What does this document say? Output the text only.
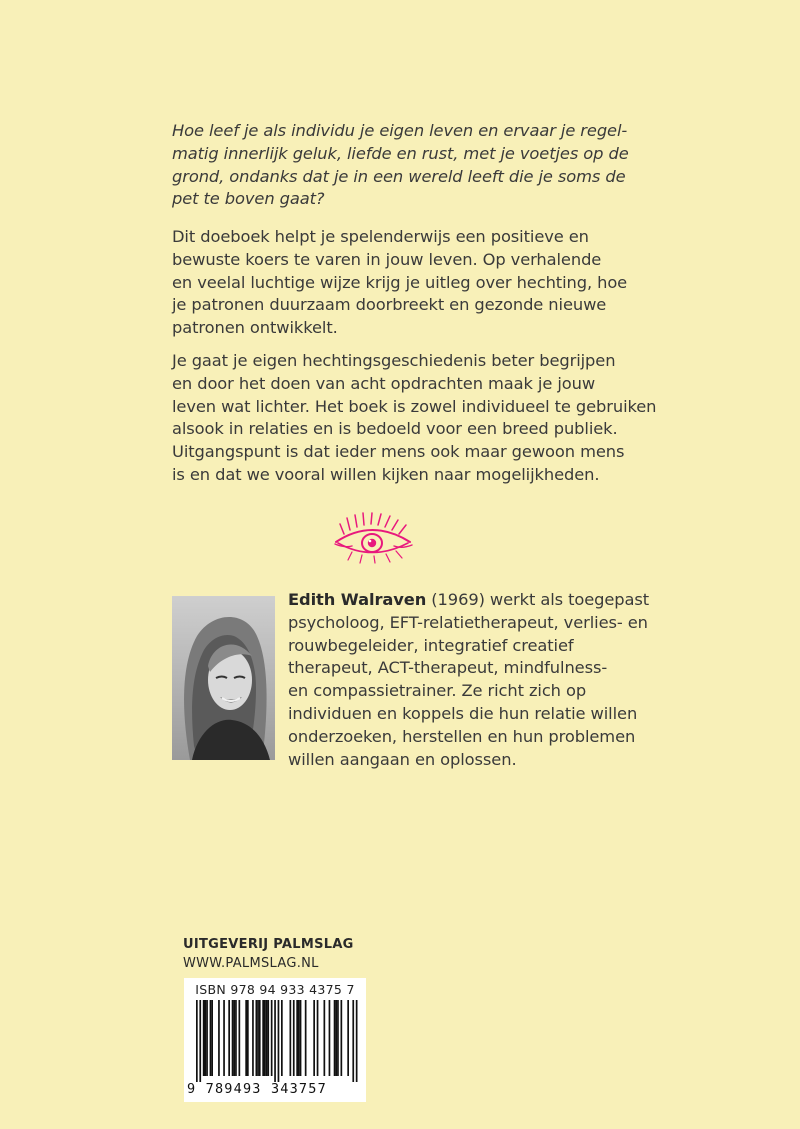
Hoe leef je als individu je eigen leven en ervaar je regel-
matig innerlijk geluk, liefde en rust, met je voetjes op de
grond, ondanks dat je in een wereld leeft die je soms de
pet te boven gaat?

Dit doeboek helpt je spelenderwijs een positieve en
bewuste koers te varen in jouw leven. Op verhalende
en veelal luchtige wijze krijg je uitleg over hechting, hoe
je patronen duurzaam doorbreekt en gezonde nieuwe
patronen ontwikkelt.

Je gaat je eigen hechtingsgeschiedenis beter begrijpen
en door het doen van acht opdrachten maak je jouw
leven wat lichter. Het boek is zowel individueel te gebruiken
alsook in relaties en is bedoeld voor een breed publiek.
Uitgangspunt is dat ieder mens ook maar gewoon mens
is en dat we vooral willen kijken naar mogelijkheden.

Edith Walraven (1969) werkt als toegepast
psycholoog, EFT-relatietherapeut, verlies- en
rouwbegeleider, integratief creatief
therapeut, ACT-therapeut, mindfulness-
en compassietrainer. Ze richt zich op
individuen en koppels die hun relatie willen
onderzoeken, herstellen en hun problemen
willen aangaan en oplossen.

UITGEVERIJ PALMSLAG
WWW.PALMSLAG.NL
ISBN 978 94 933 4375 7
9 789493 343757
